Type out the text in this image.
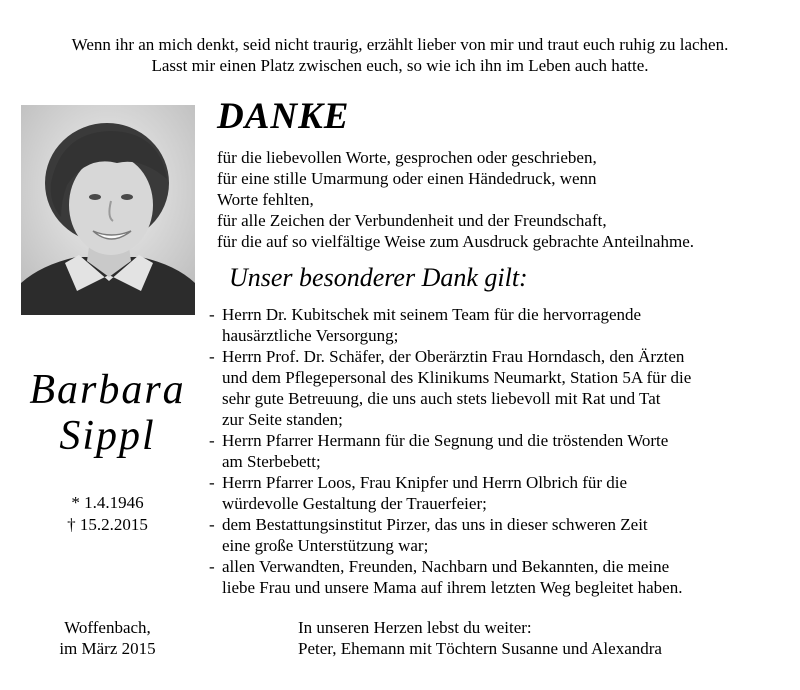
Wenn ihr an mich denkt, seid nicht traurig, erzählt lieber von mir und traut euch ruhig zu lachen.
Lasst mir einen Platz zwischen euch, so wie ich ihn im Leben auch hatte.
DANKE
für die liebevollen Worte, gesprochen oder geschrieben,
für eine stille Umarmung oder einen Händedruck, wenn
Worte fehlten,
für alle Zeichen der Verbundenheit und der Freundschaft,
für die auf so vielfältige Weise zum Ausdruck gebrachte Anteilnahme.
Unser besonderer Dank gilt:
- Herrn Dr. Kubitschek mit seinem Team für die hervorragende
hausärztliche Versorgung;
- Herrn Prof. Dr. Schäfer, der Oberärztin Frau Horndasch, den Ärzten
und dem Pflegepersonal des Klinikums Neumarkt, Station 5A für die
sehr gute Betreuung, die uns auch stets liebevoll mit Rat und Tat
zur Seite standen;
- Herrn Pfarrer Hermann für die Segnung und die tröstenden Worte
am Sterbebett;
- Herrn Pfarrer Loos, Frau Knipfer und Herrn Olbrich für die
würdevolle Gestaltung der Trauerfeier;
- dem Bestattungsinstitut Pirzer, das uns in dieser schweren Zeit
eine große Unterstützung war;
- allen Verwandten, Freunden, Nachbarn und Bekannten, die meine
liebe Frau und unsere Mama auf ihrem letzten Weg begleitet haben.
Barbara
Sippl
* 1.4.1946
† 15.2.2015
Woffenbach,
im März 2015
In unseren Herzen lebst du weiter:
Peter, Ehemann mit Töchtern Susanne und Alexandra
